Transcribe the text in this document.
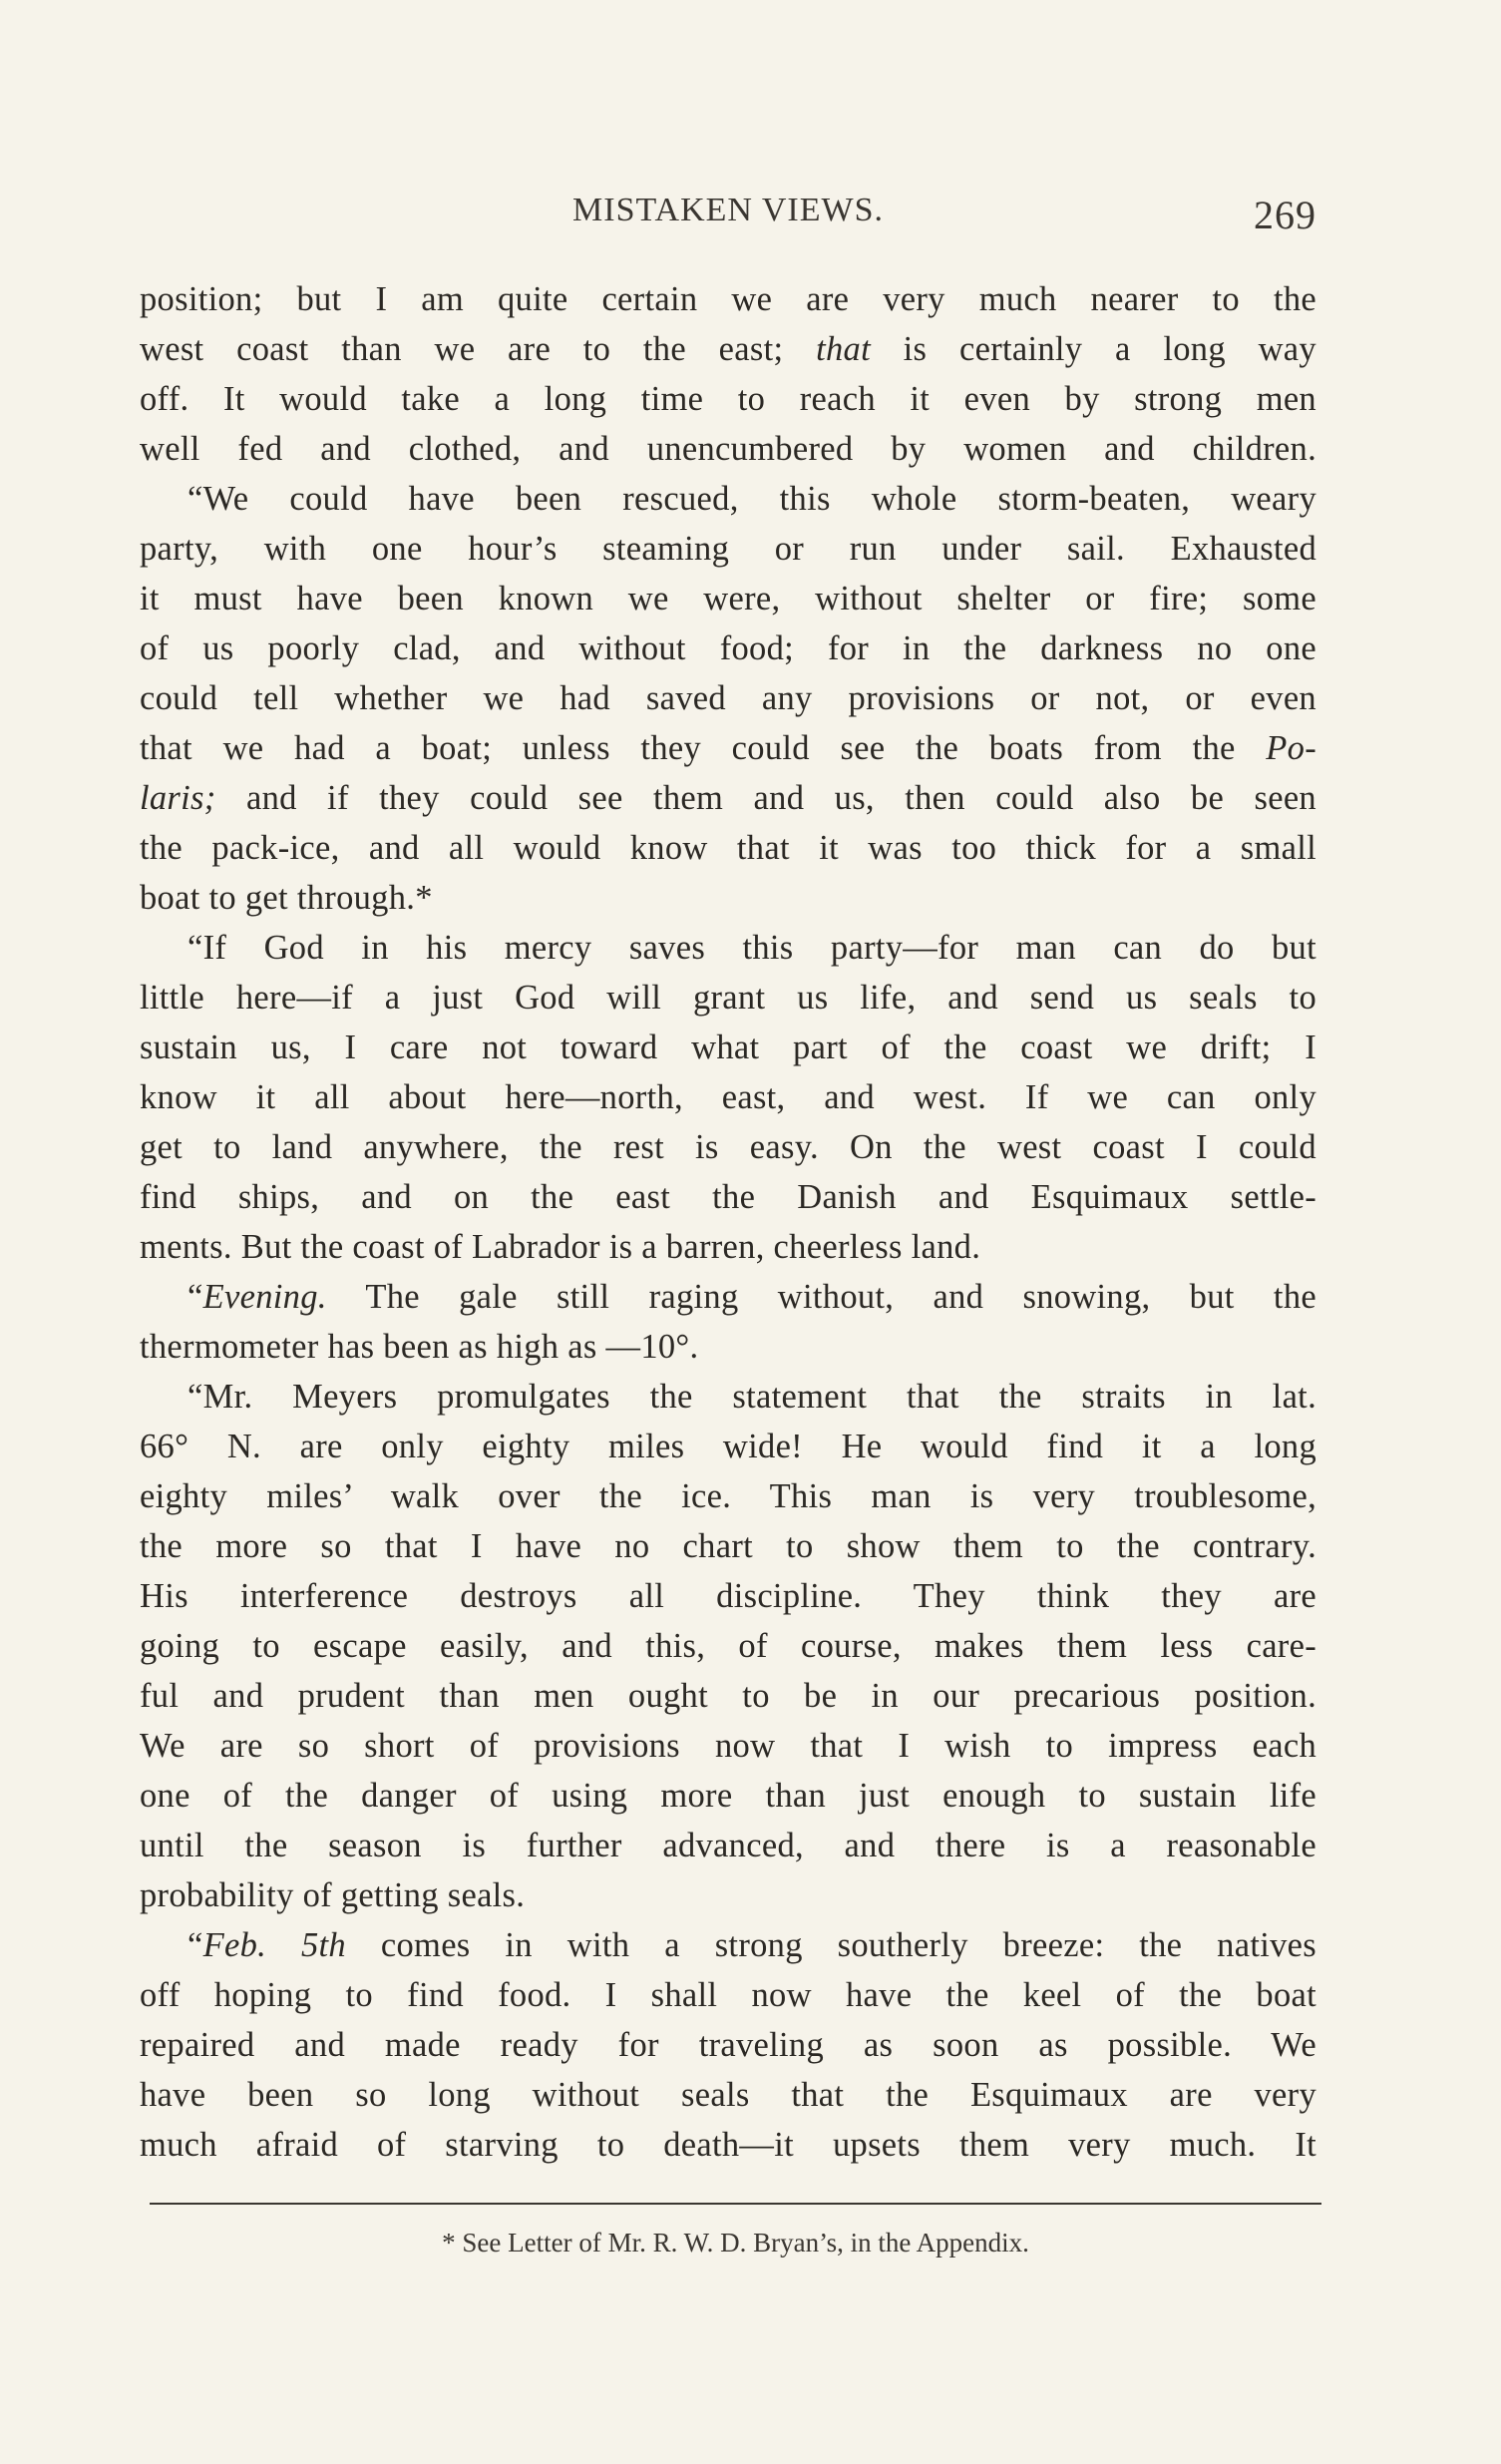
MISTAKEN VIEWS.	269
position; but I am quite certain we are very much nearer to the
west coast than we are to the east; that is certainly a long way
off. It would take a long time to reach it even by strong men
well fed and clothed, and unencumbered by women and children.
“We could have been rescued, this whole storm-beaten, weary
party, with one hour’s steaming or run under sail. Exhausted
it must have been known we were, without shelter or fire; some
of us poorly clad, and without food; for in the darkness no one
could tell whether we had saved any provisions or not, or even
that we had a boat; unless they could see the boats from the Po-
laris; and if they could see them and us, then could also be seen
the pack-ice, and all would know that it was too thick for a small
boat to get through.*
“If God in his mercy saves this party—for man can do but
little here—if a just God will grant us life, and send us seals to
sustain us, I care not toward what part of the coast we drift; I
know it all about here—north, east, and west. If we can only
get to land anywhere, the rest is easy. On the west coast I could
find ships, and on the east the Danish and Esquimaux settle-
ments. But the coast of Labrador is a barren, cheerless land.
“Evening. The gale still raging without, and snowing, but the
thermometer has been as high as —10°.
“Mr. Meyers promulgates the statement that the straits in lat.
66° N. are only eighty miles wide! He would find it a long
eighty miles’ walk over the ice. This man is very troublesome,
the more so that I have no chart to show them to the contrary.
His interference destroys all discipline. They think they are
going to escape easily, and this, of course, makes them less care-
ful and prudent than men ought to be in our precarious position.
We are so short of provisions now that I wish to impress each
one of the danger of using more than just enough to sustain life
until the season is further advanced, and there is a reasonable
probability of getting seals.
“Feb. 5th comes in with a strong southerly breeze: the natives
off hoping to find food. I shall now have the keel of the boat
repaired and made ready for traveling as soon as possible. We
have been so long without seals that the Esquimaux are very
much afraid of starving to death—it upsets them very much. It
* See Letter of Mr. R. W. D. Bryan’s, in the Appendix.
